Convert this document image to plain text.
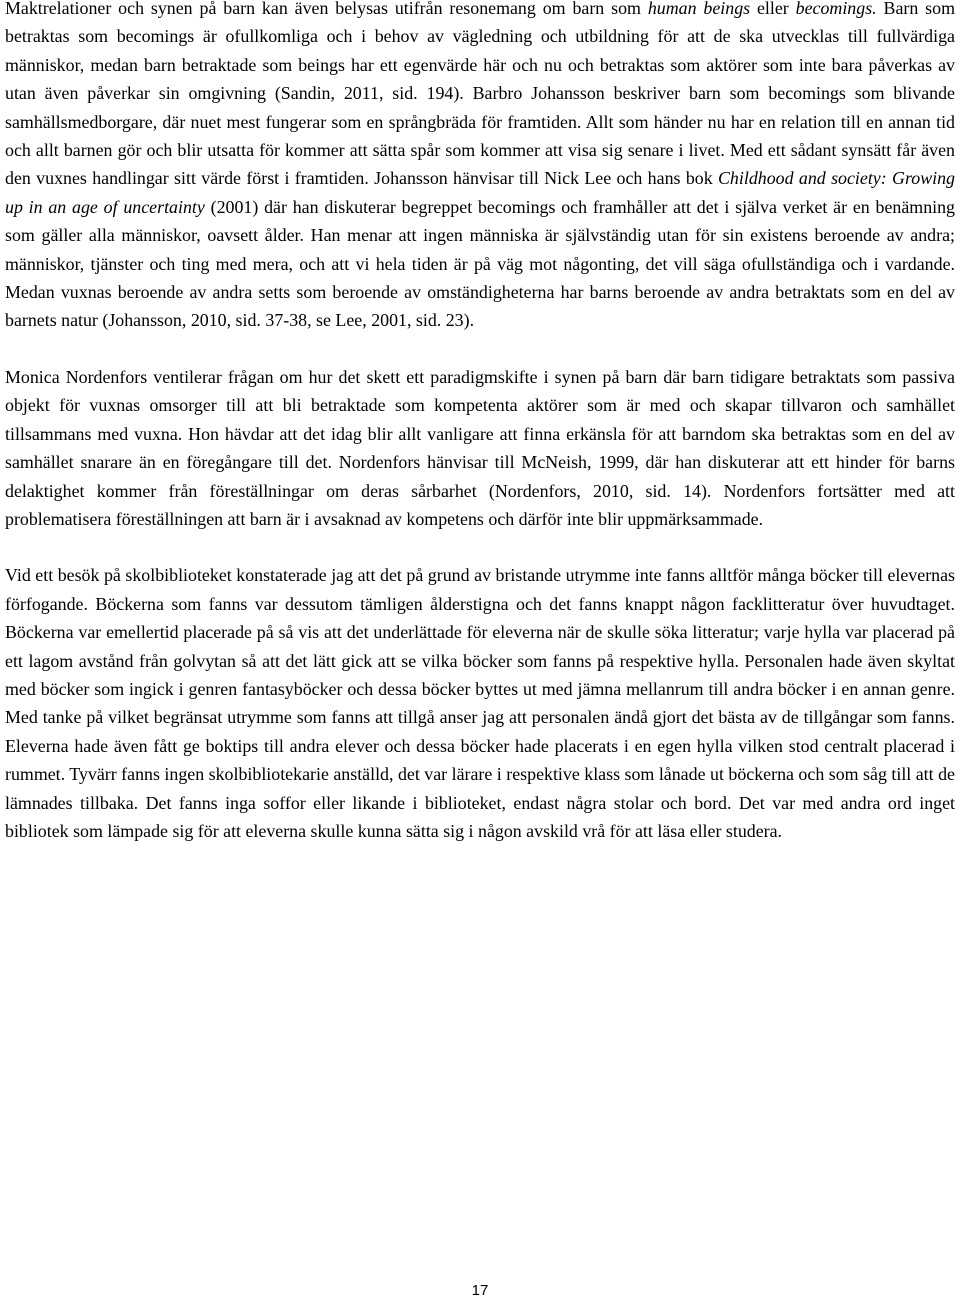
Maktrelationer och synen på barn kan även belysas utifrån resonemang om barn som human beings eller becomings. Barn som betraktas som becomings är ofullkomliga och i behov av vägledning och utbildning för att de ska utvecklas till fullvärdiga människor, medan barn betraktade som beings har ett egenvärde här och nu och betraktas som aktörer som inte bara påverkas av utan även påverkar sin omgivning (Sandin, 2011, sid. 194). Barbro Johansson beskriver barn som becomings som blivande samhällsmedborgare, där nuet mest fungerar som en språngbräda för framtiden. Allt som händer nu har en relation till en annan tid och allt barnen gör och blir utsatta för kommer att sätta spår som kommer att visa sig senare i livet. Med ett sådant synsätt får även den vuxnes handlingar sitt värde först i framtiden. Johansson hänvisar till Nick Lee och hans bok Childhood and society: Growing up in an age of uncertainty (2001) där han diskuterar begreppet becomings och framhåller att det i själva verket är en benämning som gäller alla människor, oavsett ålder. Han menar att ingen människa är självständig utan för sin existens beroende av andra; människor, tjänster och ting med mera, och att vi hela tiden är på väg mot någonting, det vill säga ofullständiga och i vardande. Medan vuxnas beroende av andra setts som beroende av omständigheterna har barns beroende av andra betraktats som en del av barnets natur (Johansson, 2010, sid. 37-38, se Lee, 2001, sid. 23).

Monica Nordenfors ventilerar frågan om hur det skett ett paradigmskifte i synen på barn där barn tidigare betraktats som passiva objekt för vuxnas omsorger till att bli betraktade som kompetenta aktörer som är med och skapar tillvaron och samhället tillsammans med vuxna. Hon hävdar att det idag blir allt vanligare att finna erkänsla för att barndom ska betraktas som en del av samhället snarare än en föregångare till det. Nordenfors hänvisar till McNeish, 1999, där han diskuterar att ett hinder för barns delaktighet kommer från föreställningar om deras sårbarhet (Nordenfors, 2010, sid. 14). Nordenfors fortsätter med att problematisera föreställningen att barn är i avsaknad av kompetens och därför inte blir uppmärksammade.

Vid ett besök på skolbiblioteket konstaterade jag att det på grund av bristande utrymme inte fanns alltför många böcker till elevernas förfogande. Böckerna som fanns var dessutom tämligen ålderstigna och det fanns knappt någon facklitteratur över huvudtaget. Böckerna var emellertid placerade på så vis att det underlättade för eleverna när de skulle söka litteratur; varje hylla var placerad på ett lagom avstånd från golvytan så att det lätt gick att se vilka böcker som fanns på respektive hylla. Personalen hade även skyltat med böcker som ingick i genren fantasyböcker och dessa böcker byttes ut med jämna mellanrum till andra böcker i en annan genre. Med tanke på vilket begränsat utrymme som fanns att tillgå anser jag att personalen ändå gjort det bästa av de tillgångar som fanns. Eleverna hade även fått ge boktips till andra elever och dessa böcker hade placerats i en egen hylla vilken stod centralt placerad i rummet. Tyvärr fanns ingen skolbibliotekarie anställd, det var lärare i respektive klass som lånade ut böckerna och som såg till att de lämnades tillbaka. Det fanns inga soffor eller likande i biblioteket, endast några stolar och bord. Det var med andra ord inget bibliotek som lämpade sig för att eleverna skulle kunna sätta sig i någon avskild vrå för att läsa eller studera.

17
